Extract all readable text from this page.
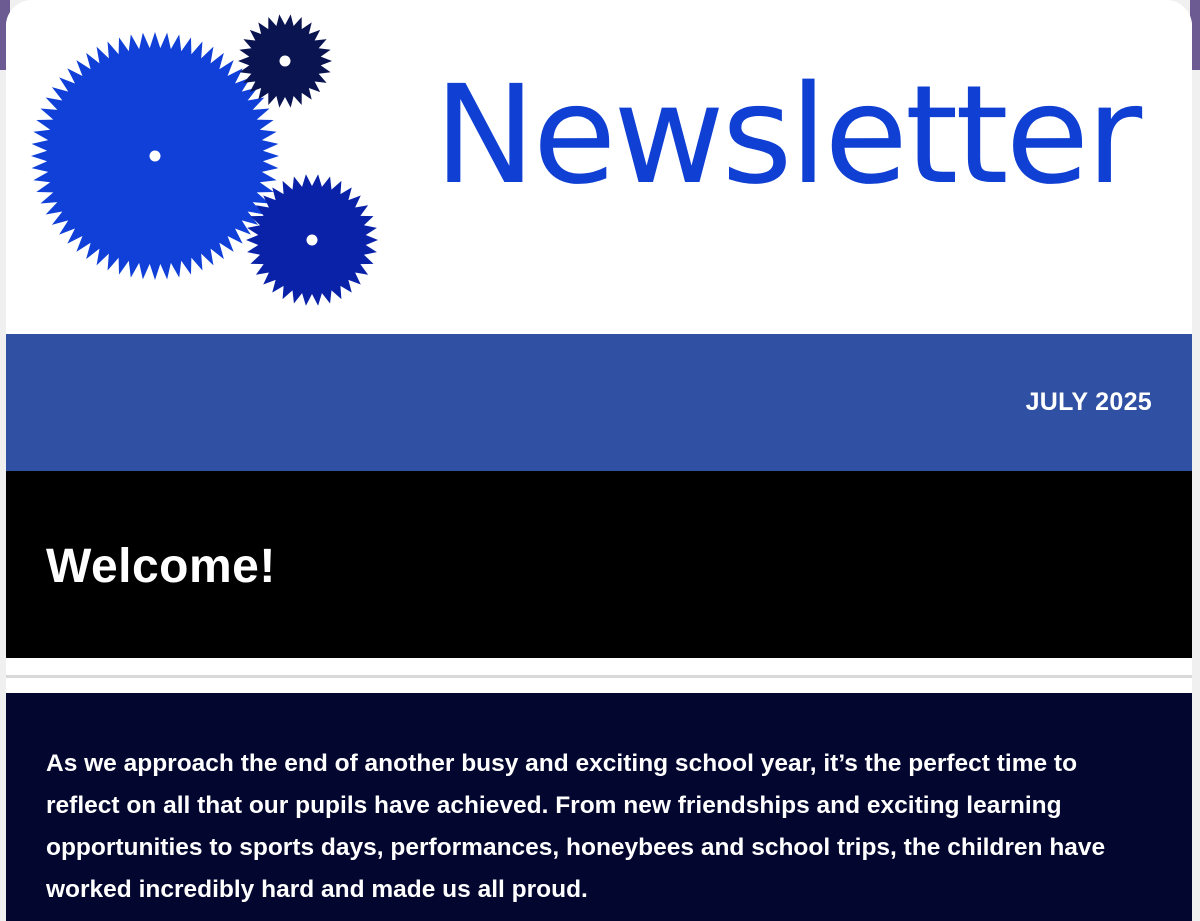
Newsletter
JULY 2025
Welcome!

As we approach the end of another busy and exciting school year, it’s the perfect time to reflect on all that our pupils have achieved. From new friendships and exciting learning opportunities to sports days, performances, honeybees and school trips, the children have worked incredibly hard and made us all proud.
